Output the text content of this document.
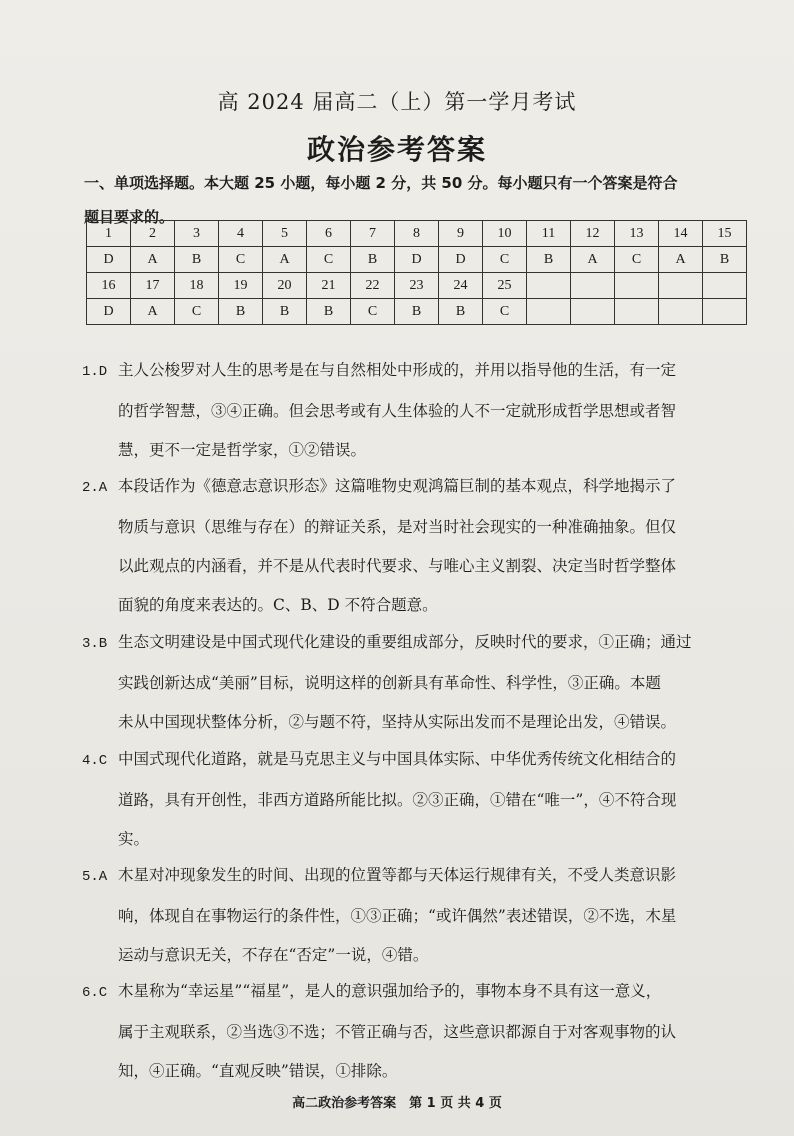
高 2024 届高二（上）第一学月考试
政治参考答案
一、单项选择题。本大题 25 小题，每小题 2 分，共 50 分。每小题只有一个答案是符合
题目要求的。
1	2	3	4	5	6	7	8	9	10	11	12	13	14	15
D	A	B	C	A	C	B	D	D	C	B	A	C	A	B
16	17	18	19	20	21	22	23	24	25					
D	A	C	B	B	B	C	B	B	C					
1.D 主人公梭罗对人生的思考是在与自然相处中形成的，并用以指导他的生活，有一定
的哲学智慧，③④正确。但会思考或有人生体验的人不一定就形成哲学思想或者智
慧，更不一定是哲学家，①②错误。
2.A 本段话作为《德意志意识形态》这篇唯物史观鸿篇巨制的基本观点，科学地揭示了
物质与意识（思维与存在）的辩证关系，是对当时社会现实的一种准确抽象。但仅
以此观点的内涵看，并不是从代表时代要求、与唯心主义割裂、决定当时哲学整体
面貌的角度来表达的。C、B、D 不符合题意。
3.B 生态文明建设是中国式现代化建设的重要组成部分，反映时代的要求，①正确；通过
实践创新达成“美丽”目标，说明这样的创新具有革命性、科学性，③正确。本题
未从中国现状整体分析，②与题不符，坚持从实际出发而不是理论出发，④错误。
4.C 中国式现代化道路，就是马克思主义与中国具体实际、中华优秀传统文化相结合的
道路，具有开创性，非西方道路所能比拟。②③正确，①错在“唯一”，④不符合现
实。
5.A 木星对冲现象发生的时间、出现的位置等都与天体运行规律有关，不受人类意识影
响，体现自在事物运行的条件性，①③正确；“或许偶然”表述错误，②不选，木星
运动与意识无关，不存在“否定”一说，④错。
6.C 木星称为“幸运星”“福星”，是人的意识强加给予的，事物本身不具有这一意义，
属于主观联系，②当选③不选；不管正确与否，这些意识都源自于对客观事物的认
知，④正确。“直观反映”错误，①排除。
高二政治参考答案　第 1 页 共 4 页
